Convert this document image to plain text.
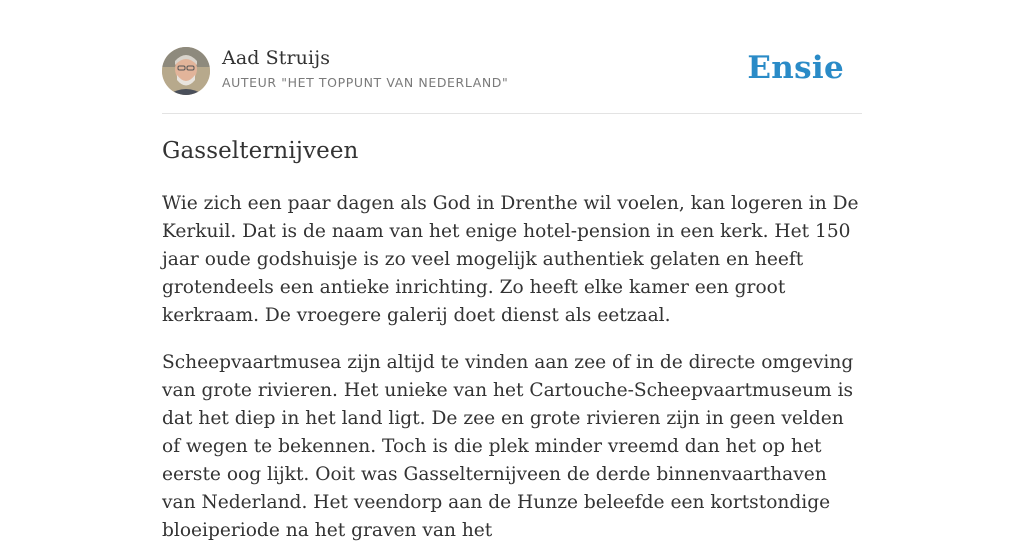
Aad Struijs
AUTEUR "HET TOPPUNT VAN NEDERLAND"	Ensie
Gasselternijveen

Wie zich een paar dagen als God in Drenthe wil voelen, kan logeren in De Kerkuil. Dat is de naam van het enige hotel-pension in een kerk. Het 150 jaar oude godshuisje is zo veel mogelijk authentiek gelaten en heeft grotendeels een antieke inrichting. Zo heeft elke kamer een groot kerkraam. De vroegere galerij doet dienst als eetzaal.

Scheepvaartmusea zijn altijd te vinden aan zee of in de directe omgeving van grote rivieren. Het unieke van het Cartouche-Scheepvaartmuseum is dat het diep in het land ligt. De zee en grote rivieren zijn in geen velden of wegen te bekennen. Toch is die plek minder vreemd dan het op het eerste oog lijkt. Ooit was Gasselternijveen de derde binnenvaarthaven van Nederland. Het veendorp aan de Hunze beleefde een kortstondige bloeiperiode na het graven van het
